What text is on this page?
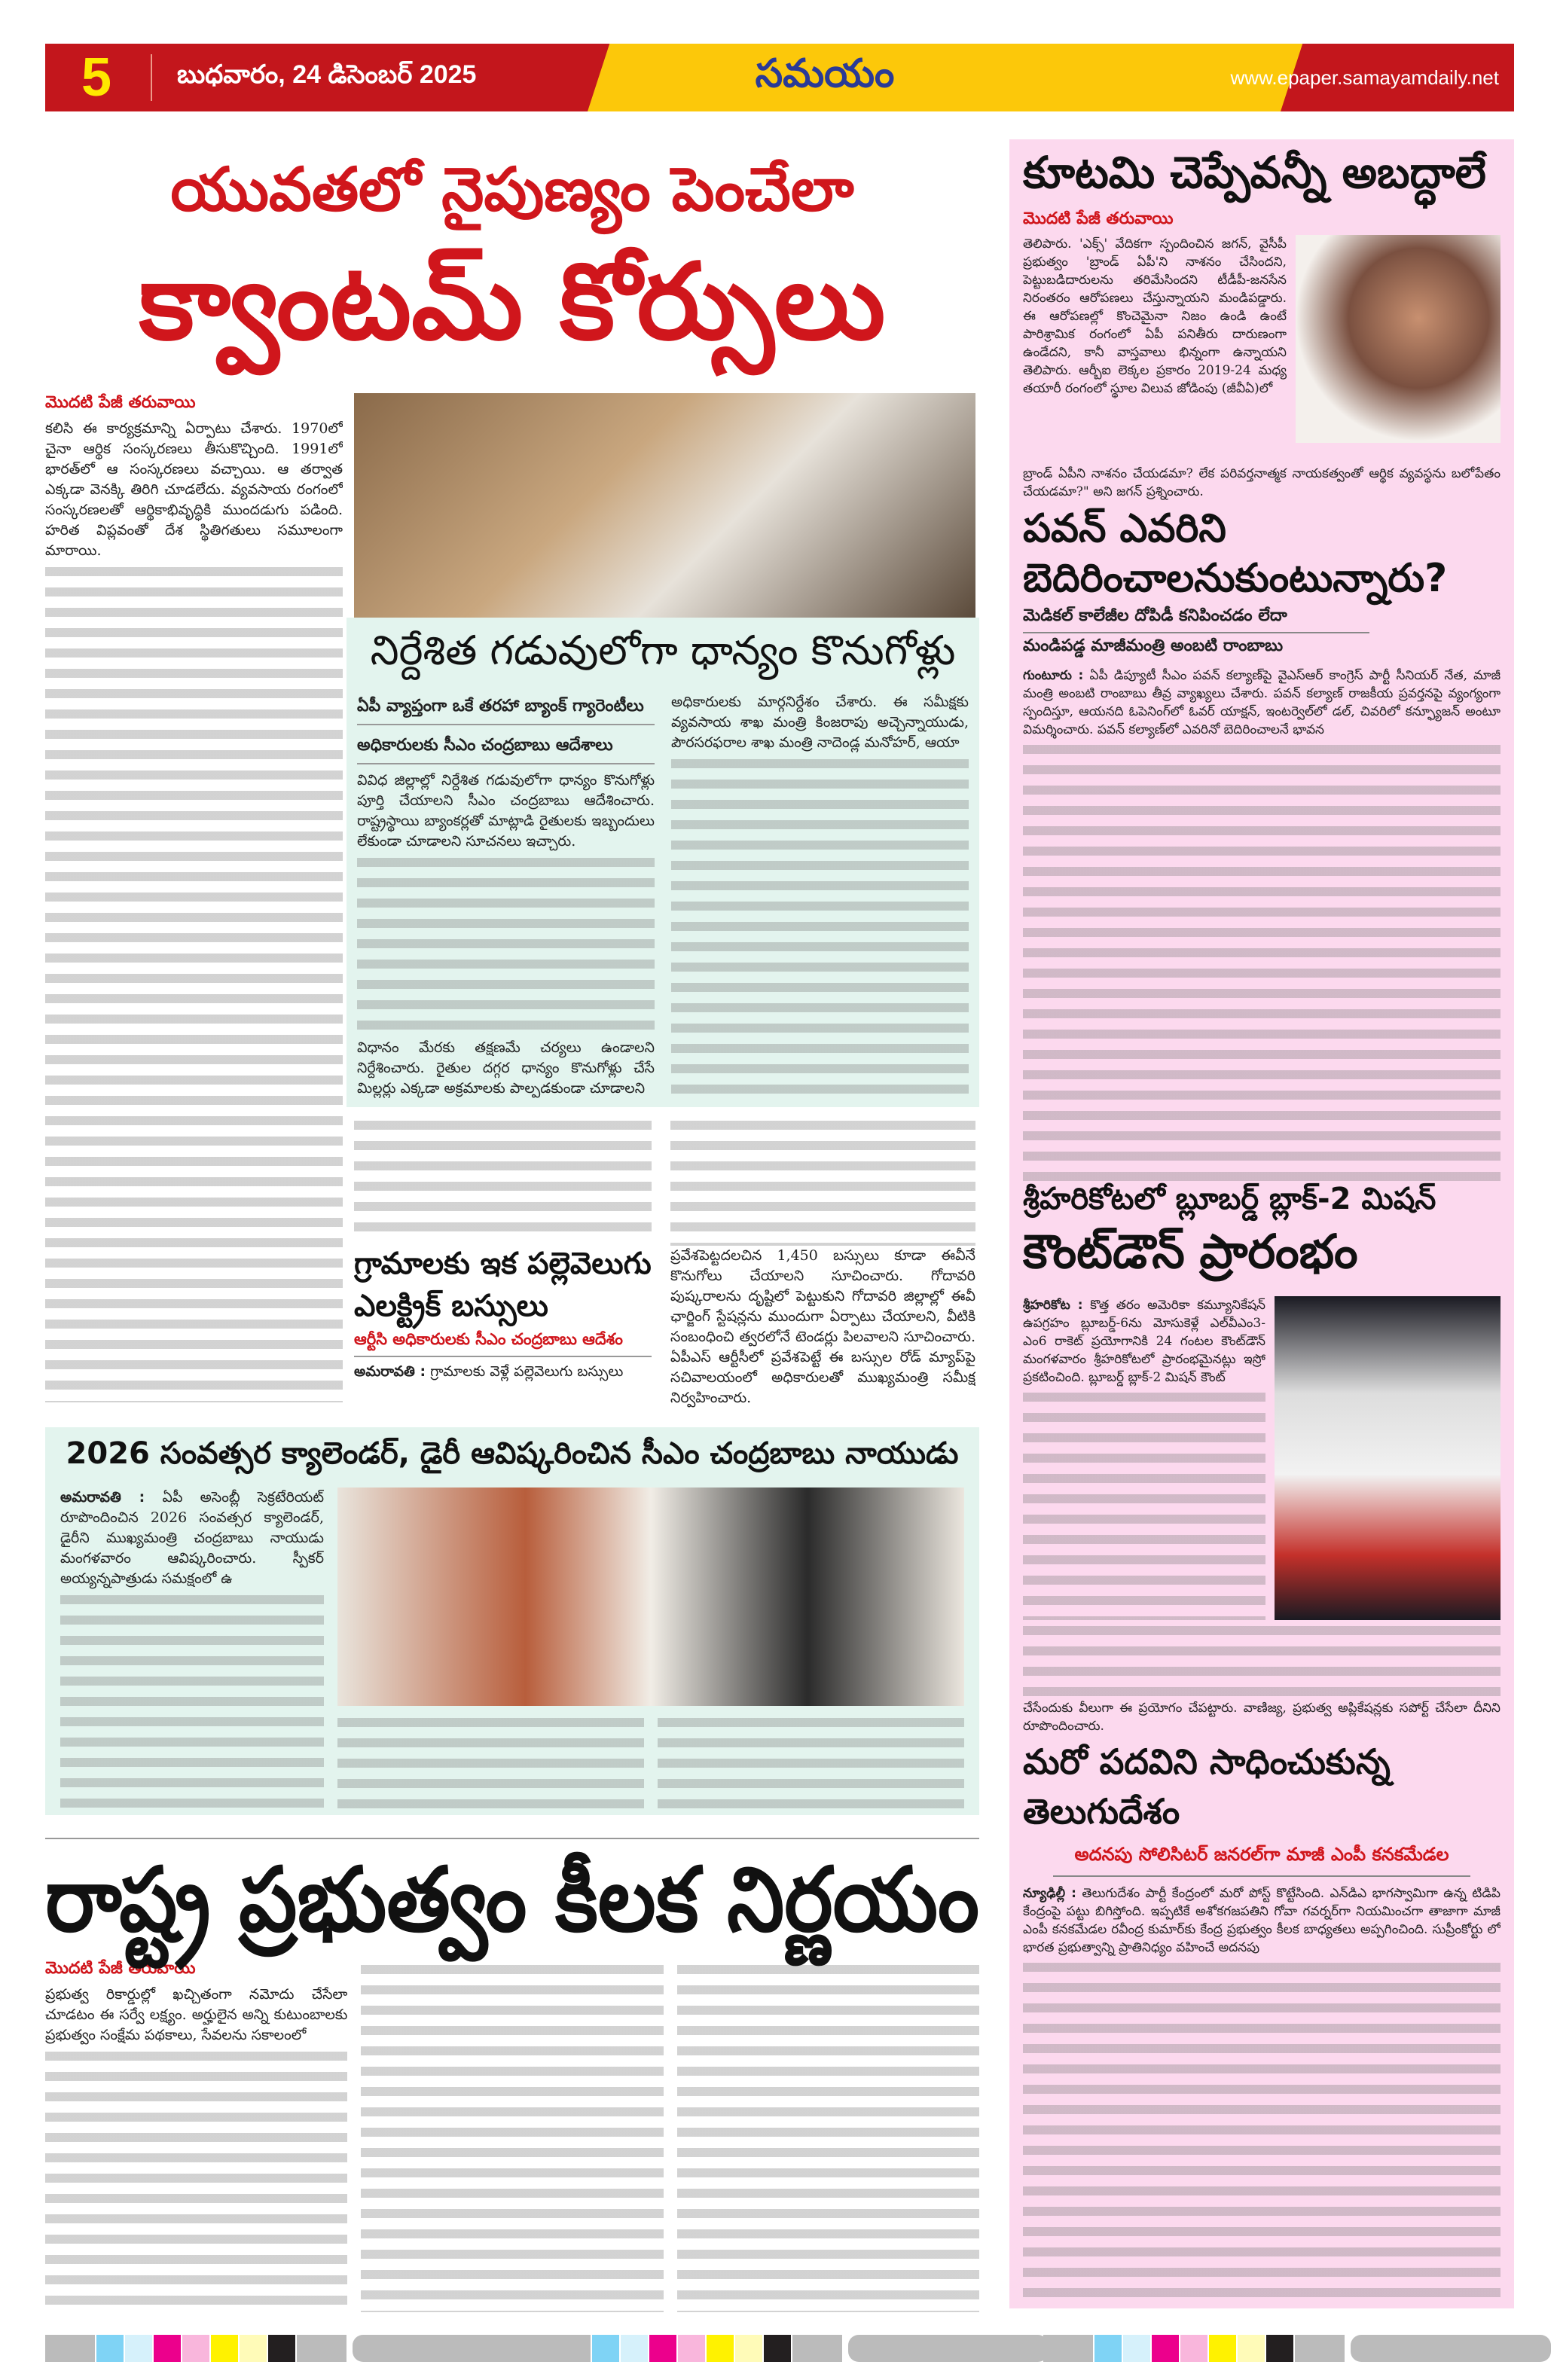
5	బుధవారం, 24 డిసెంబర్ 2025	సమయం	www.epaper.samayamdaily.net
యువతలో నైపుణ్యం పెంచేలా
క్వాంటమ్ కోర్సులు
మొదటి పేజీ తరువాయి
కలిసి ఈ కార్యక్రమాన్ని ఏర్పాటు చేశారు. 1970లో చైనా ఆర్థిక సంస్కరణలు తీసుకొచ్చింది. 1991లో భారత్‌లో ఆ సంస్కరణలు వచ్చాయి. ఆ తర్వాత ఎక్కడా వెనక్కి తిరిగి చూడలేదు. వ్యవసాయ రంగంలో సంస్కరణలతో ఆర్థికాభివృద్ధికి ముందడుగు పడింది. హరిత విప్లవంతో దేశ స్థితిగతులు సమూలంగా మారాయి.
నిర్దేశిత గడువులోగా ధాన్యం కొనుగోళ్లు
ఏపీ వ్యాప్తంగా ఒకే తరహా బ్యాంక్ గ్యారెంటీలు
అధికారులకు సీఎం చంద్రబాబు ఆదేశాలు
వివిధ జిల్లాల్లో నిర్దేశిత గడువులోగా ధాన్యం కొనుగోళ్లు పూర్తి చేయాలని సీఎం చంద్రబాబు ఆదేశించారు. రాష్ట్రస్థాయి బ్యాంకర్లతో మాట్లాడి రైతులకు ఇబ్బందులు లేకుండా చూడాలని సూచనలు ఇచ్చారు.
విధానం మేరకు తక్షణమే చర్యలు ఉండాలని నిర్దేశించారు. రైతుల దగ్గర ధాన్యం కొనుగోళ్లు చేసే మిల్లర్లు ఎక్కడా అక్రమాలకు పాల్పడకుండా చూడాలని
అధికారులకు మార్గనిర్దేశం చేశారు. ఈ సమీక్షకు వ్యవసాయ శాఖ మంత్రి కింజరాపు అచ్చెన్నాయుడు, పౌరసరఫరాల శాఖ మంత్రి నాదెండ్ల మనోహర్, ఆయా
గ్రామాలకు ఇక పల్లెవెలుగు ఎలక్ట్రిక్ బస్సులు
ఆర్టీసి అధికారులకు సీఎం చంద్రబాబు ఆదేశం
అమరావతి : గ్రామాలకు వెళ్లే పల్లెవెలుగు బస్సులు
ప్రవేశపెట్టదలచిన 1,450 బస్సులు కూడా ఈవీనే కొనుగోలు చేయాలని సూచించారు. గోదావరి పుష్కరాలను దృష్టిలో పెట్టుకుని గోదావరి జిల్లాల్లో ఈవీ ఛార్జింగ్ స్టేషన్లను ముందుగా ఏర్పాటు చేయాలని, వీటికి సంబంధించి త్వరలోనే టెండర్లు పిలవాలని సూచించారు. ఏపీఎస్ ఆర్టీసీలో ప్రవేశపెట్టే ఈ బస్సుల రోడ్ మ్యాప్‌పై సచివాలయంలో అధికారులతో ముఖ్యమంత్రి సమీక్ష నిర్వహించారు.
2026 సంవత్సర క్యాలెండర్, డైరీ ఆవిష్కరించిన సీఎం చంద్రబాబు నాయుడు
అమరావతి : ఏపీ అసెంబ్లీ సెక్రటేరియట్ రూపొందించిన 2026 సంవత్సర క్యాలెండర్, డైరీని ముఖ్యమంత్రి చంద్రబాబు నాయుడు మంగళవారం ఆవిష్కరించారు. స్పీకర్ అయ్యన్నపాత్రుడు సమక్షంలో ఉ
రాష్ట్ర ప్రభుత్వం కీలక నిర్ణయం
మొదటి పేజీ తరువాయి
ప్రభుత్వ రికార్డుల్లో ఖచ్చితంగా నమోదు చేసేలా చూడటం ఈ సర్వే లక్ష్యం. అర్హులైన అన్ని కుటుంబాలకు ప్రభుత్వం సంక్షేమ పథకాలు, సేవలను సకాలంలో
కూటమి చెప్పేవన్నీ అబద్ధాలే
మొదటి పేజీ తరువాయి
తెలిపారు. 'ఎక్స్' వేదికగా స్పందించిన జగన్, వైసీపీ ప్రభుత్వం 'బ్రాండ్ ఏపీ'ని నాశనం చేసిందని, పెట్టుబడిదారులను తరిమేసిందని టీడీపీ-జనసేన నిరంతరం ఆరోపణలు చేస్తున్నాయని మండిపడ్డారు. ఈ ఆరోపణల్లో కొంచెమైనా నిజం ఉండి ఉంటే పారిశ్రామిక రంగంలో ఏపీ పనితీరు దారుణంగా ఉండేదని, కానీ వాస్తవాలు భిన్నంగా ఉన్నాయని తెలిపారు. ఆర్బీఐ లెక్కల ప్రకారం 2019-24 మధ్య తయారీ రంగంలో స్థూల విలువ జోడింపు (జీవీఏ)లో
బ్రాండ్ ఏపీని నాశనం చేయడమా? లేక పరివర్తనాత్మక నాయకత్వంతో ఆర్థిక వ్యవస్థను బలోపేతం చేయడమా?" అని జగన్ ప్రశ్నించారు.
పవన్ ఎవరిని బెదిరించాలనుకుంటున్నారు?
మెడికల్ కాలేజీల దోపిడీ కనిపించడం లేదా
మండిపడ్డ మాజీమంత్రి అంబటి రాంబాబు
గుంటూరు : ఏపీ డిప్యూటీ సీఎం పవన్ కల్యాణ్‌పై వైఎస్ఆర్ కాంగ్రెస్ పార్టీ సీనియర్ నేత, మాజీ మంత్రి అంబటి రాంబాబు తీవ్ర వ్యాఖ్యలు చేశారు. పవన్ కల్యాణ్ రాజకీయ ప్రవర్తనపై వ్యంగ్యంగా స్పందిస్తూ, ఆయనది ఓపెనింగ్‌లో ఓవర్ యాక్షన్, ఇంటర్వెల్‌లో డల్, చివరిలో కన్ఫ్యూజన్ అంటూ విమర్శించారు. పవన్ కల్యాణ్‌లో ఎవరినో బెదిరించాలనే భావన
శ్రీహరికోటలో బ్లూబర్డ్ బ్లాక్-2 మిషన్
కౌంట్‌డౌన్ ప్రారంభం
శ్రీహరికోట : కొత్త తరం అమెరికా కమ్యూనికేషన్ ఉపగ్రహం బ్లూబర్డ్-6ను మోసుకెళ్లే ఎల్‌వీఎం3-ఎం6 రాకెట్ ప్రయోగానికి 24 గంటల కౌంట్‌డౌన్ మంగళవారం శ్రీహరికోటలో ప్రారంభమైనట్లు ఇస్రో ప్రకటించింది. బ్లూబర్డ్ బ్లాక్-2 మిషన్ కౌంట్
చేసేందుకు వీలుగా ఈ ప్రయోగం చేపట్టారు. వాణిజ్య, ప్రభుత్వ అప్లికేషన్లకు సపోర్ట్ చేసేలా దీనిని రూపొందించారు.
మరో పదవిని సాధించుకున్న తెలుగుదేశం
అదనపు సోలిసిటర్ జనరల్‌గా మాజీ ఎంపీ కనకమేడల
న్యూఢిల్లీ : తెలుగుదేశం పార్టీ కేంద్రంలో మరో పోస్ట్ కొట్టేసింది. ఎన్‌డిఎ భాగస్వామిగా ఉన్న టిడిపి కేంద్రంపై పట్టు బిగిస్తోంది. ఇప్పటికే అశోకగజపతిని గోవా గవర్నర్‌గా నియమించగా తాజాగా మాజీ ఎంపీ కనకమేడల రవీంద్ర కుమార్‌కు కేంద్ర ప్రభుత్వం కీలక బాధ్యతలు అప్పగించింది. సుప్రీంకోర్టు లో భారత ప్రభుత్వాన్ని ప్రాతినిధ్యం వహించే అదనపు
